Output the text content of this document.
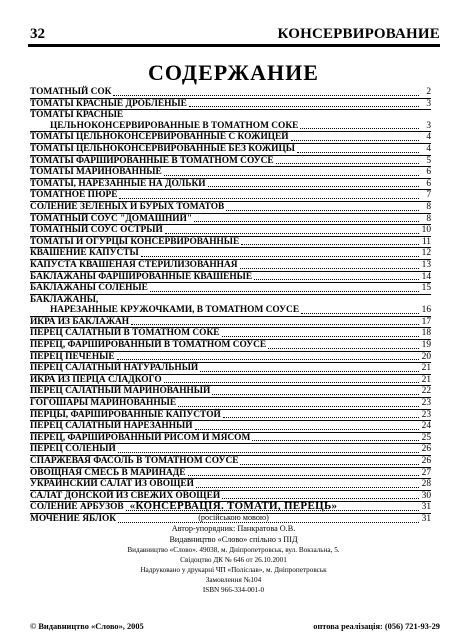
32	КОНСЕРВИРОВАНИЕ
СОДЕРЖАНИЕ
ТОМАТНЫЙ СОК	2
ТОМАТЫ КРАСНЫЕ ДРОБЛЕНЫЕ	3
ТОМАТЫ КРАСНЫЕ
ЦЕЛЬНОКОНСЕРВИРОВАННЫЕ В ТОМАТНОМ СОКЕ	3
ТОМАТЫ ЦЕЛЬНОКОНСЕРВИРОВАННЫЕ С КОЖИЦЕЙ	4
ТОМАТЫ ЦЕЛЬНОКОНСЕРВИРОВАННЫЕ БЕЗ КОЖИЦЫ	4
ТОМАТЫ ФАРШИРОВАННЫЕ В ТОМАТНОМ СОУСЕ	5
ТОМАТЫ МАРИНОВАННЫЕ	6
ТОМАТЫ, НАРЕЗАННЫЕ НА ДОЛЬКИ	6
ТОМАТНОЕ ПЮРЕ	7
СОЛЕНИЕ ЗЕЛЕНЫХ И БУРЫХ ТОМАТОВ	8
ТОМАТНЫЙ СОУС "ДОМАШНИЙ"	8
ТОМАТНЫЙ СОУС ОСТРЫЙ	10
ТОМАТЫ И ОГУРЦЫ КОНСЕРВИРОВАННЫЕ	11
КВАШЕНИЕ КАПУСТЫ	12
КАПУСТА КВАШЕНАЯ СТЕРИЛИЗОВАННАЯ	13
БАКЛАЖАНЫ ФАРШИРОВАННЫЕ КВАШЕНЫЕ	14
БАКЛАЖАНЫ СОЛЕНЫЕ	15
БАКЛАЖАНЫ,
НАРЕЗАННЫЕ КРУЖОЧКАМИ, В ТОМАТНОМ СОУСЕ	16
ИКРА ИЗ БАКЛАЖАН	17
ПЕРЕЦ САЛАТНЫЙ В ТОМАТНОМ СОКЕ	18
ПЕРЕЦ, ФАРШИРОВАННЫЙ В ТОМАТНОМ СОУСЕ	19
ПЕРЕЦ ПЕЧЕНЫЕ	20
ПЕРЕЦ САЛАТНЫЙ НАТУРАЛЬНЫЙ	21
ИКРА ИЗ ПЕРЦА СЛАДКОГО	21
ПЕРЕЦ САЛАТНЫЙ МАРИНОВАННЫЙ	22
ГОГОШАРЫ МАРИНОВАННЫЕ	23
ПЕРЦЫ, ФАРШИРОВАННЫЕ КАПУСТОЙ	23
ПЕРЕЦ САЛАТНЫЙ НАРЕЗАННЫЙ	24
ПЕРЕЦ, ФАРШИРОВАННЫЙ РИСОМ И МЯСОМ	25
ПЕРЕЦ СОЛЕНЫЙ	26
СПАРЖЕВАЯ ФАСОЛЬ В ТОМАТНОМ СОУСЕ	26
ОВОЩНАЯ СМЕСЬ В МАРИНАДЕ	27
УКРАИНСКИЙ САЛАТ ИЗ ОВОЩЕЙ	28
САЛАТ ДОНСКОЙ ИЗ СВЕЖИХ ОВОЩЕЙ	30
СОЛЕНИЕ АРБУЗОВ	31
МОЧЕНИЕ ЯБЛОК	31
«КОНСЕРВАЦІЯ. ТОМАТИ, ПЕРЕЦЬ»
(російською мовою)
Автор-упорядник: Панкратова О.В.
Видавництво «Слово» спільно з ПІД
Видавництво «Слово». 49038, м. Дніпропетровськ, вул. Вокзальна, 5.
Свідоцтво ДК № 646 от 26.10.2001
Надруковано у друкарні ЧП «Поліслав», м. Дніпропетровськ
Замовлення №104
ISBN 966-334-001-0
© Видавництво «Слово», 2005	оптова реалізація: (056) 721-93-29
